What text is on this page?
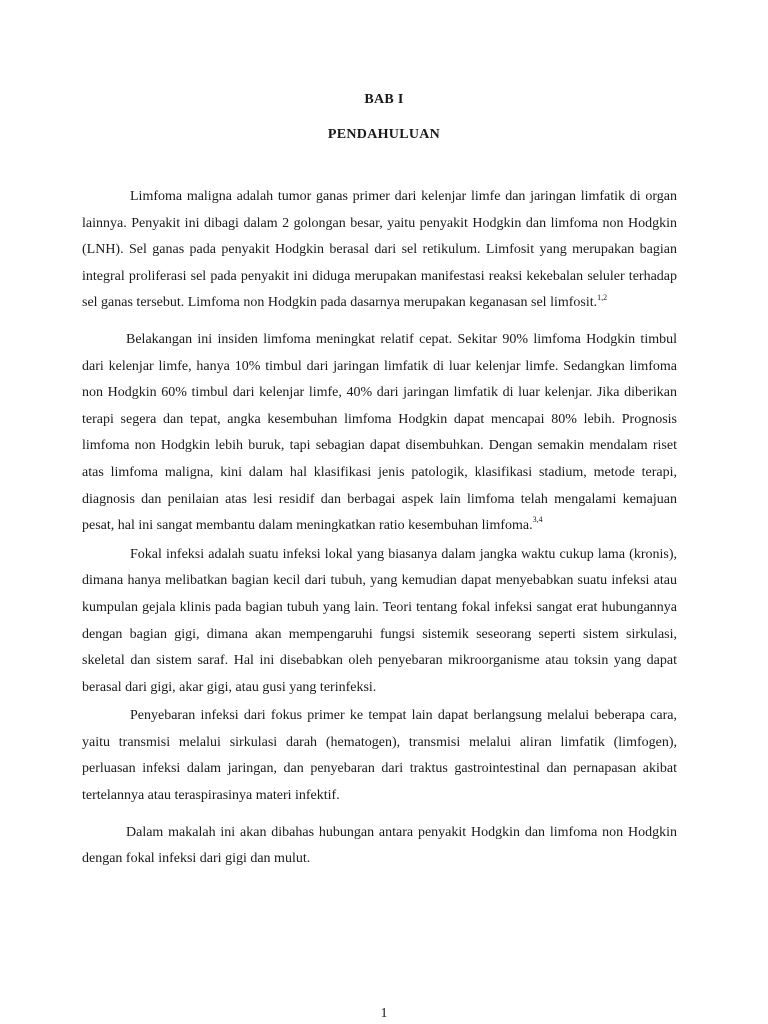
BAB I
PENDAHULUAN

Limfoma maligna adalah tumor ganas primer dari kelenjar limfe dan jaringan limfatik di organ lainnya. Penyakit ini dibagi dalam 2 golongan besar, yaitu penyakit Hodgkin dan limfoma non Hodgkin (LNH). Sel ganas pada penyakit Hodgkin berasal dari sel retikulum. Limfosit yang merupakan bagian integral proliferasi sel pada penyakit ini diduga merupakan manifestasi reaksi kekebalan seluler terhadap sel ganas tersebut. Limfoma non Hodgkin pada dasarnya merupakan keganasan sel limfosit.$^{1,2}$

Belakangan ini insiden limfoma meningkat relatif cepat. Sekitar 90% limfoma Hodgkin timbul dari kelenjar limfe, hanya 10% timbul dari jaringan limfatik di luar kelenjar limfe. Sedangkan limfoma non Hodgkin 60% timbul dari kelenjar limfe, 40% dari jaringan limfatik di luar kelenjar. Jika diberikan terapi segera dan tepat, angka kesembuhan limfoma Hodgkin dapat mencapai 80% lebih. Prognosis limfoma non Hodgkin lebih buruk, tapi sebagian dapat disembuhkan. Dengan semakin mendalam riset atas limfoma maligna, kini dalam hal klasifikasi jenis patologik, klasifikasi stadium, metode terapi, diagnosis dan penilaian atas lesi residif dan berbagai aspek lain limfoma telah mengalami kemajuan pesat, hal ini sangat membantu dalam meningkatkan ratio kesembuhan limfoma.$^{3,4}$

Fokal infeksi adalah suatu infeksi lokal yang biasanya dalam jangka waktu cukup lama (kronis), dimana hanya melibatkan bagian kecil dari tubuh, yang kemudian dapat menyebabkan suatu infeksi atau kumpulan gejala klinis pada bagian tubuh yang lain. Teori tentang fokal infeksi sangat erat hubungannya dengan bagian gigi, dimana akan mempengaruhi fungsi sistemik seseorang seperti sistem sirkulasi, skeletal dan sistem saraf. Hal ini disebabkan oleh penyebaran mikroorganisme atau toksin yang dapat berasal dari gigi, akar gigi, atau gusi yang terinfeksi.

Penyebaran infeksi dari fokus primer ke tempat lain dapat berlangsung melalui beberapa cara, yaitu transmisi melalui sirkulasi darah (hematogen), transmisi melalui aliran limfatik (limfogen), perluasan infeksi dalam jaringan, dan penyebaran dari traktus gastrointestinal dan pernapasan akibat tertelannya atau teraspirasinya materi infektif.

Dalam makalah ini akan dibahas hubungan antara penyakit Hodgkin dan limfoma non Hodgkin dengan fokal infeksi dari gigi dan mulut.

1
